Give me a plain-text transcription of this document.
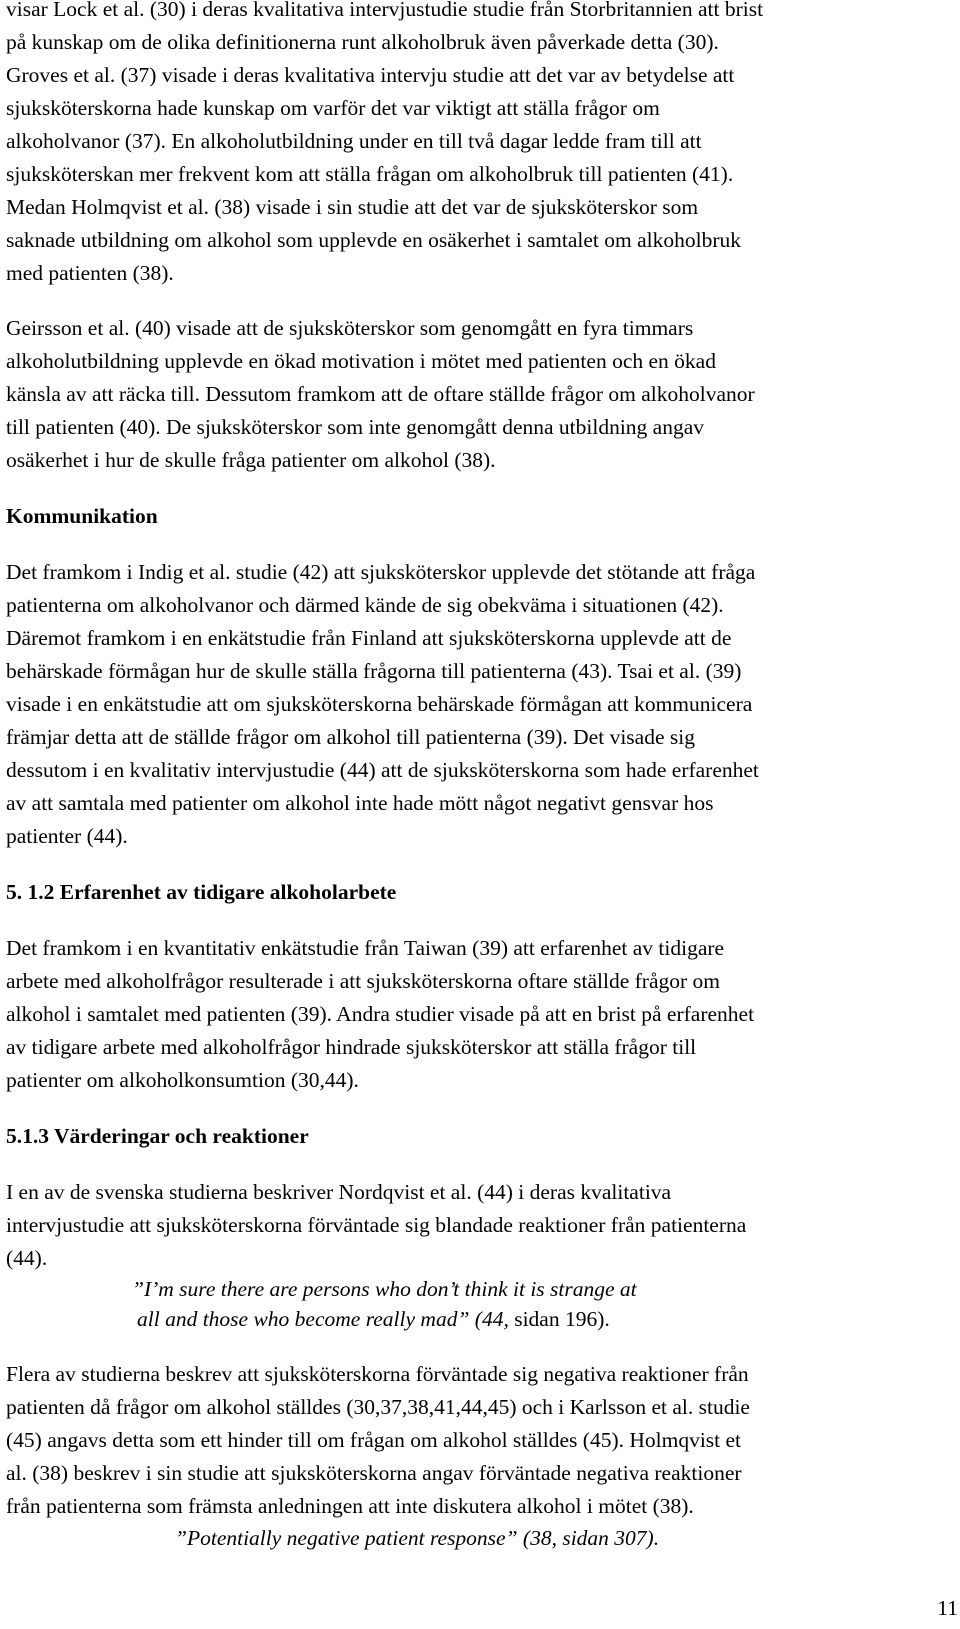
visar Lock et al. (30) i deras kvalitativa intervjustudie studie från Storbritannien att brist
på kunskap om de olika definitionerna runt alkoholbruk även påverkade detta (30).
Groves et al. (37) visade i deras kvalitativa intervju studie att det var av betydelse att
sjuksköterskorna hade kunskap om varför det var viktigt att ställa frågor om
alkoholvanor (37). En alkoholutbildning under en till två dagar ledde fram till att
sjuksköterskan mer frekvent kom att ställa frågan om alkoholbruk till patienten (41).
Medan Holmqvist et al. (38) visade i sin studie att det var de sjuksköterskor som
saknade utbildning om alkohol som upplevde en osäkerhet i samtalet om alkoholbruk
med patienten (38).

Geirsson et al. (40) visade att de sjuksköterskor som genomgått en fyra timmars
alkoholutbildning upplevde en ökad motivation i mötet med patienten och en ökad
känsla av att räcka till. Dessutom framkom att de oftare ställde frågor om alkoholvanor
till patienten (40). De sjuksköterskor som inte genomgått denna utbildning angav
osäkerhet i hur de skulle fråga patienter om alkohol (38).

Kommunikation

Det framkom i Indig et al. studie (42) att sjuksköterskor upplevde det stötande att fråga
patienterna om alkoholvanor och därmed kände de sig obekväma i situationen (42).
Däremot framkom i en enkätstudie från Finland att sjuksköterskorna upplevde att de
behärskade förmågan hur de skulle ställa frågorna till patienterna (43). Tsai et al. (39)
visade i en enkätstudie att om sjuksköterskorna behärskade förmågan att kommunicera
främjar detta att de ställde frågor om alkohol till patienterna (39). Det visade sig
dessutom i en kvalitativ intervjustudie (44) att de sjuksköterskorna som hade erfarenhet
av att samtala med patienter om alkohol inte hade mött något negativt gensvar hos
patienter (44).

5. 1.2 Erfarenhet av tidigare alkoholarbete

Det framkom i en kvantitativ enkätstudie från Taiwan (39) att erfarenhet av tidigare
arbete med alkoholfrågor resulterade i att sjuksköterskorna oftare ställde frågor om
alkohol i samtalet med patienten (39). Andra studier visade på att en brist på erfarenhet
av tidigare arbete med alkoholfrågor hindrade sjuksköterskor att ställa frågor till
patienter om alkoholkonsumtion (30,44).

5.1.3 Värderingar och reaktioner

I en av de svenska studierna beskriver Nordqvist et al. (44) i deras kvalitativa
intervjustudie att sjuksköterskorna förväntade sig blandade reaktioner från patienterna
(44).

”I’m sure there are persons who don’t think it is strange at

all and those who become really mad” (44, sidan 196).

Flera av studierna beskrev att sjuksköterskorna förväntade sig negativa reaktioner från
patienten då frågor om alkohol ställdes (30,37,38,41,44,45) och i Karlsson et al. studie
(45) angavs detta som ett hinder till om frågan om alkohol ställdes (45). Holmqvist et
al. (38) beskrev i sin studie att sjuksköterskorna angav förväntade negativa reaktioner
från patienterna som främsta anledningen att inte diskutera alkohol i mötet (38).

”Potentially negative patient response” (38, sidan 307).

11
